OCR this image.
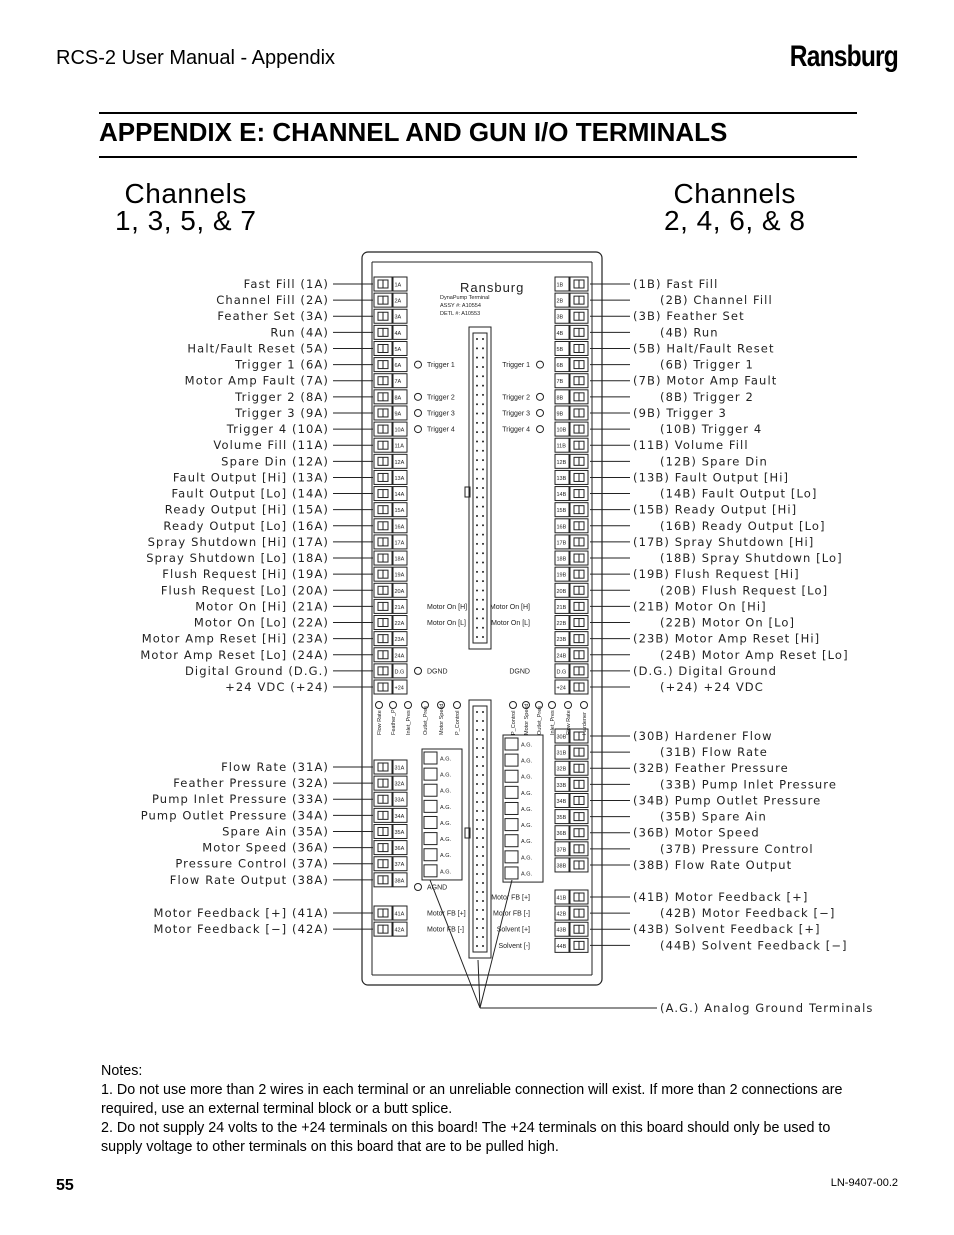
RCS-2 User Manual - Appendix	Ransburg
APPENDIX E: CHANNEL AND GUN I/O TERMINALS
Channels
1, 3, 5, & 7
Channels
2, 4, 6, & 8
Ransburg
DynaPump Terminal
ASSY #: A10554
DETL #: A10553
Fast Fill (1A)	1A
Channel Fill (2A)	2A
Feather Set (3A)	3A
Run (4A)	4A
Halt/Fault Reset (5A)	5A
Trigger 1 (6A)	6A
Motor Amp Fault (7A)	7A
Trigger 2 (8A)	8A
Trigger 3 (9A)	9A
Trigger 4 (10A)	10A
Volume Fill (11A)	11A
Spare Din (12A)	12A
Fault Output [Hi] (13A)	13A
Fault Output [Lo] (14A)	14A
Ready Output [Hi] (15A)	15A
Ready Output [Lo] (16A)	16A
Spray Shutdown [Hi] (17A)	17A
Spray Shutdown [Lo] (18A)	18A
Flush Request [Hi] (19A)	19A
Flush Request [Lo] (20A)	20A
Motor On [Hi] (21A)	21A
Motor On [Lo] (22A)	22A
Motor Amp Reset [Hi] (23A)	23A
Motor Amp Reset [Lo] (24A)	24A
Digital Ground (D.G.)	D.G
+24 VDC (+24)	+24
1B	(1B) Fast Fill
2B	(2B) Channel Fill
3B	(3B) Feather Set
4B	(4B) Run
5B	(5B) Halt/Fault Reset
6B	(6B) Trigger 1
7B	(7B) Motor Amp Fault
8B	(8B) Trigger 2
9B	(9B) Trigger 3
10B	(10B) Trigger 4
11B	(11B) Volume Fill
12B	(12B) Spare Din
13B	(13B) Fault Output [Hi]
14B	(14B) Fault Output [Lo]
15B	(15B) Ready Output [Hi]
16B	(16B) Ready Output [Lo]
17B	(17B) Spray Shutdown [Hi]
18B	(18B) Spray Shutdown [Lo]
19B	(19B) Flush Request [Hi]
20B	(20B) Flush Request [Lo]
21B	(21B) Motor On [Hi]
22B	(22B) Motor On [Lo]
23B	(23B) Motor Amp Reset [Hi]
24B	(24B) Motor Amp Reset [Lo]
D.G	(D.G.) Digital Ground
+24	(+24) +24 VDC
Flow Rate (31A)	31A
Feather Pressure (32A)	32A
Pump Inlet Pressure (33A)	33A
Pump Outlet Pressure (34A)	34A
Spare Ain (35A)	35A
Motor Speed (36A)	36A
Pressure Control (37A)	37A
Flow Rate Output (38A)	38A
30B	(30B) Hardener Flow
31B	(31B) Flow Rate
32B	(32B) Feather Pressure
33B	(33B) Pump Inlet Pressure
34B	(34B) Pump Outlet Pressure
35B	(35B) Spare Ain
36B	(36B) Motor Speed
37B	(37B) Pressure Control
38B	(38B) Flow Rate Output
Motor Feedback [+] (41A)	41A
Motor Feedback [−] (42A)	42A
41B	(41B) Motor Feedback [+]
42B	(42B) Motor Feedback [−]
43B	(43B) Solvent Feedback [+]
44B	(44B) Solvent Feedback [−]
Trigger 1
Trigger 2
Trigger 3
Trigger 4
Motor On [H]
Motor On [L]
DGND
Trigger 1
Trigger 2
Trigger 3
Trigger 4
Motor On [H]
Motor On [L]
DGND
Flow Rate Feather_P Inlet_Pres Outlet_Pres Motor Speed P_Control	P_Control Motor Speed Outlet_Pres Inlet_Pres Flow Rate Hardener
A.G.
A.G.
A.G.
A.G.
A.G.
A.G.
A.G.
A.G.
A.G.
A.G.
A.G.
A.G.
A.G.
A.G.
A.G.
A.G.
A.G.
AGND
Motor FB [+]
Motor FB [-]
Motor FB [+]
Motor FB [-]
Solvent [+]
Solvent [-]
(A.G.) Analog Ground Terminals
Notes:
1. Do not use more than 2 wires in each terminal or an unreliable connection will exist. If more than 2 connections are required, use an external terminal block or a butt splice.
2. Do not supply 24 volts to the +24 terminals on this board! The +24 terminals on this board should only be used to supply voltage to other terminals on this board that are to be pulled high.
55	LN-9407-00.2
